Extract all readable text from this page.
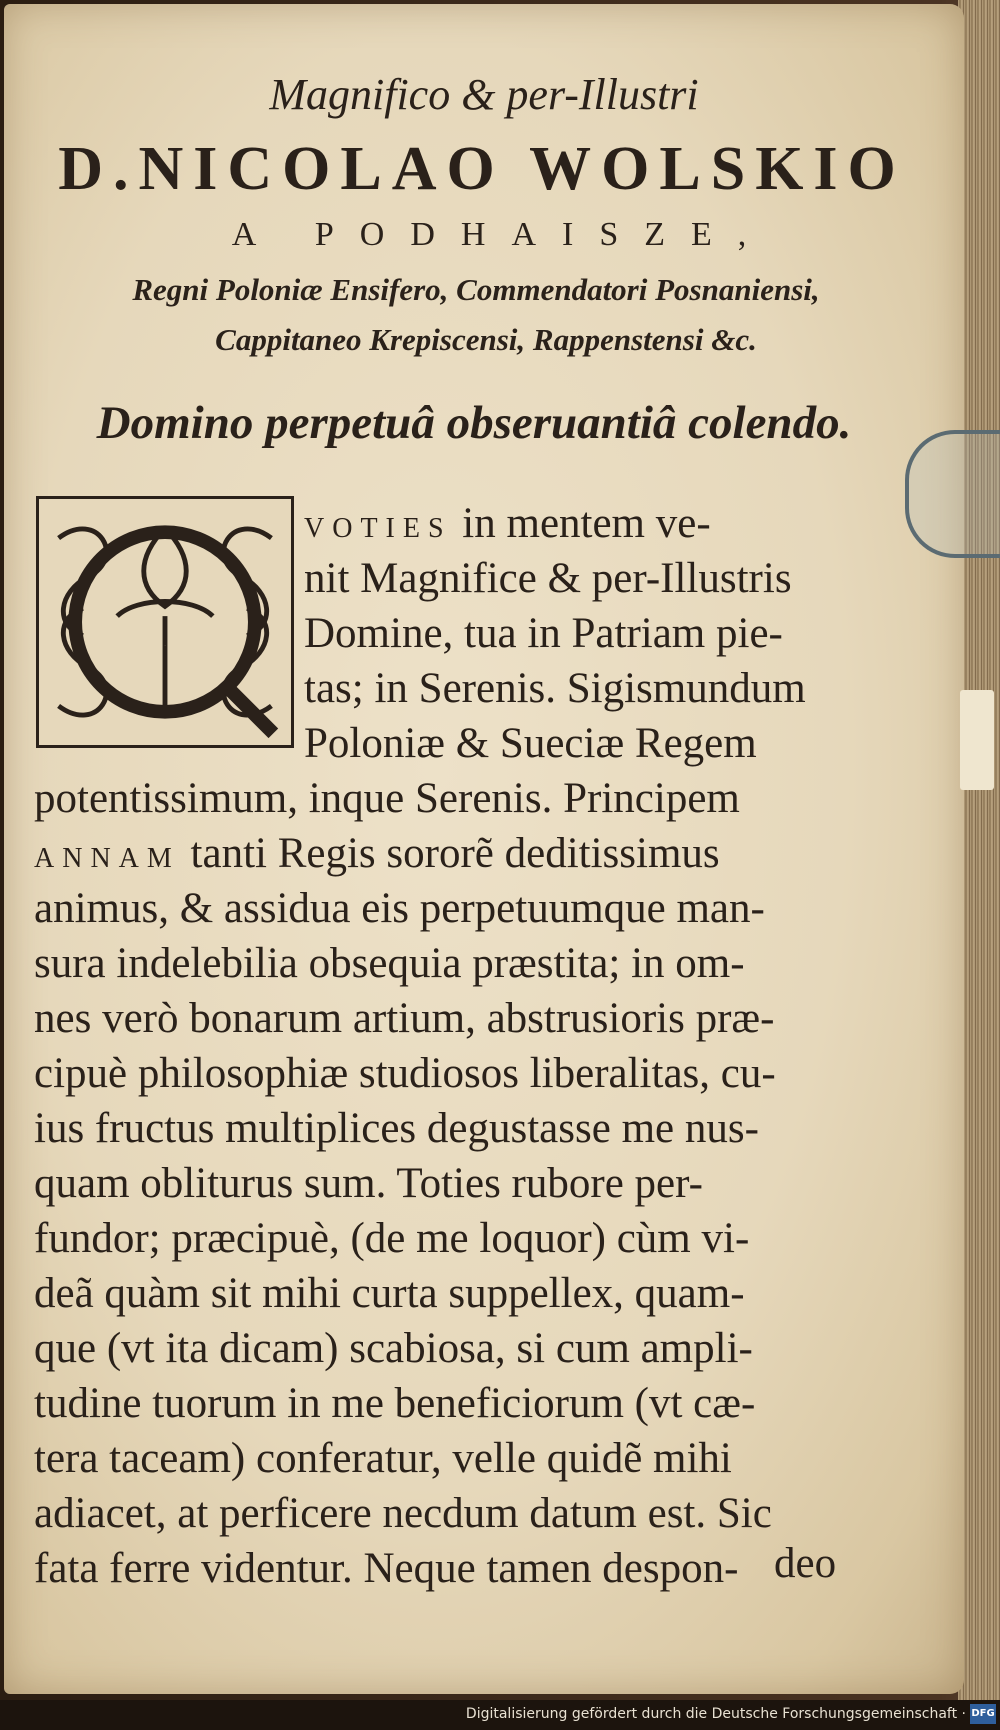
Magnifico & per-Illustri
D.NICOLAO WOLSKIO
A PODHAISZE,
Regni Poloniæ Ensifero, Commendatori Posnaniensi,
Cappitaneo Krepiscensi, Rappenstensi &c.
Domino perpetuâ obseruantiâ colendo.
Q
VOTIES in mentem ve-
nit Magnifice & per-Illustris
Domine, tua in Patriam pie-
tas; in Serenis. Sigismundum
Poloniæ & Sueciæ Regem
potentissimum, inque Serenis. Principem
ANNAM tanti Regis sororẽ deditissimus
animus, & assidua eis perpetuumque man-
sura indelebilia obsequia præstita; in om-
nes verò bonarum artium, abstrusioris præ-
cipuè philosophiæ studiosos liberalitas, cu-
ius fructus multiplices degustasse me nus-
quam obliturus sum. Toties rubore per-
fundor; præcipuè, (de me loquor) cùm vi-
deã quàm sit mihi curta suppellex, quam-
que (vt ita dicam) scabiosa, si cum ampli-
tudine tuorum in me beneficiorum (vt cæ-
tera taceam) conferatur, velle quidẽ mihi
adiacet, at perficere necdum datum est. Sic
fata ferre videntur. Neque tamen despon- deo
Digitalisierung gefördert durch die Deutsche Forschungsgemeinschaft · DFG
